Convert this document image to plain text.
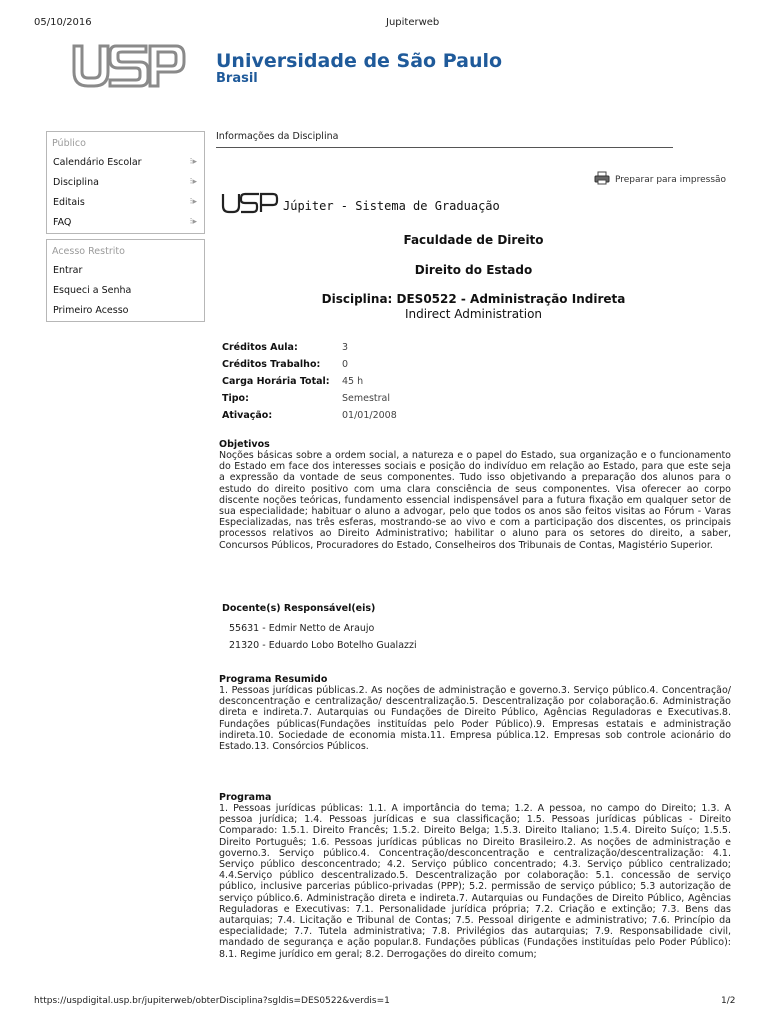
05/10/2016	Jupiterweb
Universidade de São Paulo
Brasil
Público
Calendário Escolar	⁝▸
Disciplina	⁝▸
Editais	⁝▸
FAQ	⁝▸
Acesso Restrito
Entrar
Esqueci a Senha
Primeiro Acesso
Informações da Disciplina
Preparar para impressão
Júpiter - Sistema de Graduação
Faculdade de Direito
Direito do Estado
Disciplina: DES0522 - Administração Indireta
Indirect Administration
Créditos Aula:	3
Créditos Trabalho:	0
Carga Horária Total:	45 h
Tipo:	Semestral
Ativação:	01/01/2008
Objetivos
Noções básicas sobre a ordem social, a natureza e o papel do Estado, sua organização e o funcionamento do Estado em face dos interesses sociais e posição do indivíduo em relação ao Estado, para que este seja a expressão da vontade de seus componentes. Tudo isso objetivando a preparação dos alunos para o estudo do direito positivo com uma clara consciência de seus componentes. Visa oferecer ao corpo discente noções teóricas, fundamento essencial indispensável para a futura fixação em qualquer setor de sua especialidade; habituar o aluno a advogar, pelo que todos os anos são feitos visitas ao Fórum - Varas Especializadas, nas três esferas, mostrando-se ao vivo e com a participação dos discentes, os principais processos relativos ao Direito Administrativo; habilitar o aluno para os setores do direito, a saber, Concursos Públicos, Procuradores do Estado, Conselheiros dos Tribunais de Contas, Magistério Superior.
Docente(s) Responsável(eis)
55631 - Edmir Netto de Araujo
21320 - Eduardo Lobo Botelho Gualazzi
Programa Resumido
1. Pessoas jurídicas públicas.2. As noções de administração e governo.3. Serviço público.4. Concentração/ desconcentração e centralização/ descentralização.5. Descentralização por colaboração.6. Administração direta e indireta.7. Autarquias ou Fundações de Direito Público, Agências Reguladoras e Executivas.8. Fundações públicas(Fundações instituídas pelo Poder Público).9. Empresas estatais e administração indireta.10. Sociedade de economia mista.11. Empresa pública.12. Empresas sob controle acionário do Estado.13. Consórcios Públicos.
Programa
1. Pessoas jurídicas públicas: 1.1. A importância do tema; 1.2. A pessoa, no campo do Direito; 1.3. A pessoa jurídica; 1.4. Pessoas jurídicas e sua classificação; 1.5. Pessoas jurídicas públicas - Direito Comparado: 1.5.1. Direito Francês; 1.5.2. Direito Belga; 1.5.3. Direito Italiano; 1.5.4. Direito Suíço; 1.5.5. Direito Português; 1.6. Pessoas jurídicas públicas no Direito Brasileiro.2. As noções de administração e governo.3. Serviço público.4. Concentração/desconcentração e centralização/descentralização: 4.1. Serviço público desconcentrado; 4.2. Serviço público concentrado; 4.3. Serviço público centralizado; 4.4.Serviço público descentralizado.5. Descentralização por colaboração: 5.1. concessão de serviço público, inclusive parcerias público-privadas (PPP); 5.2. permissão de serviço público; 5.3 autorização de serviço público.6. Administração direta e indireta.7. Autarquias ou Fundações de Direito Público, Agências Reguladoras e Executivas: 7.1. Personalidade jurídica própria; 7.2. Criação e extinção; 7.3. Bens das autarquias; 7.4. Licitação e Tribunal de Contas; 7.5. Pessoal dirigente e administrativo; 7.6. Princípio da especialidade; 7.7. Tutela administrativa; 7.8. Privilégios das autarquias; 7.9. Responsabilidade civil, mandado de segurança e ação popular.8. Fundações públicas (Fundações instituídas pelo Poder Público): 8.1. Regime jurídico em geral; 8.2. Derrogações do direito comum;
https://uspdigital.usp.br/jupiterweb/obterDisciplina?sgldis=DES0522&verdis=1	1/2
